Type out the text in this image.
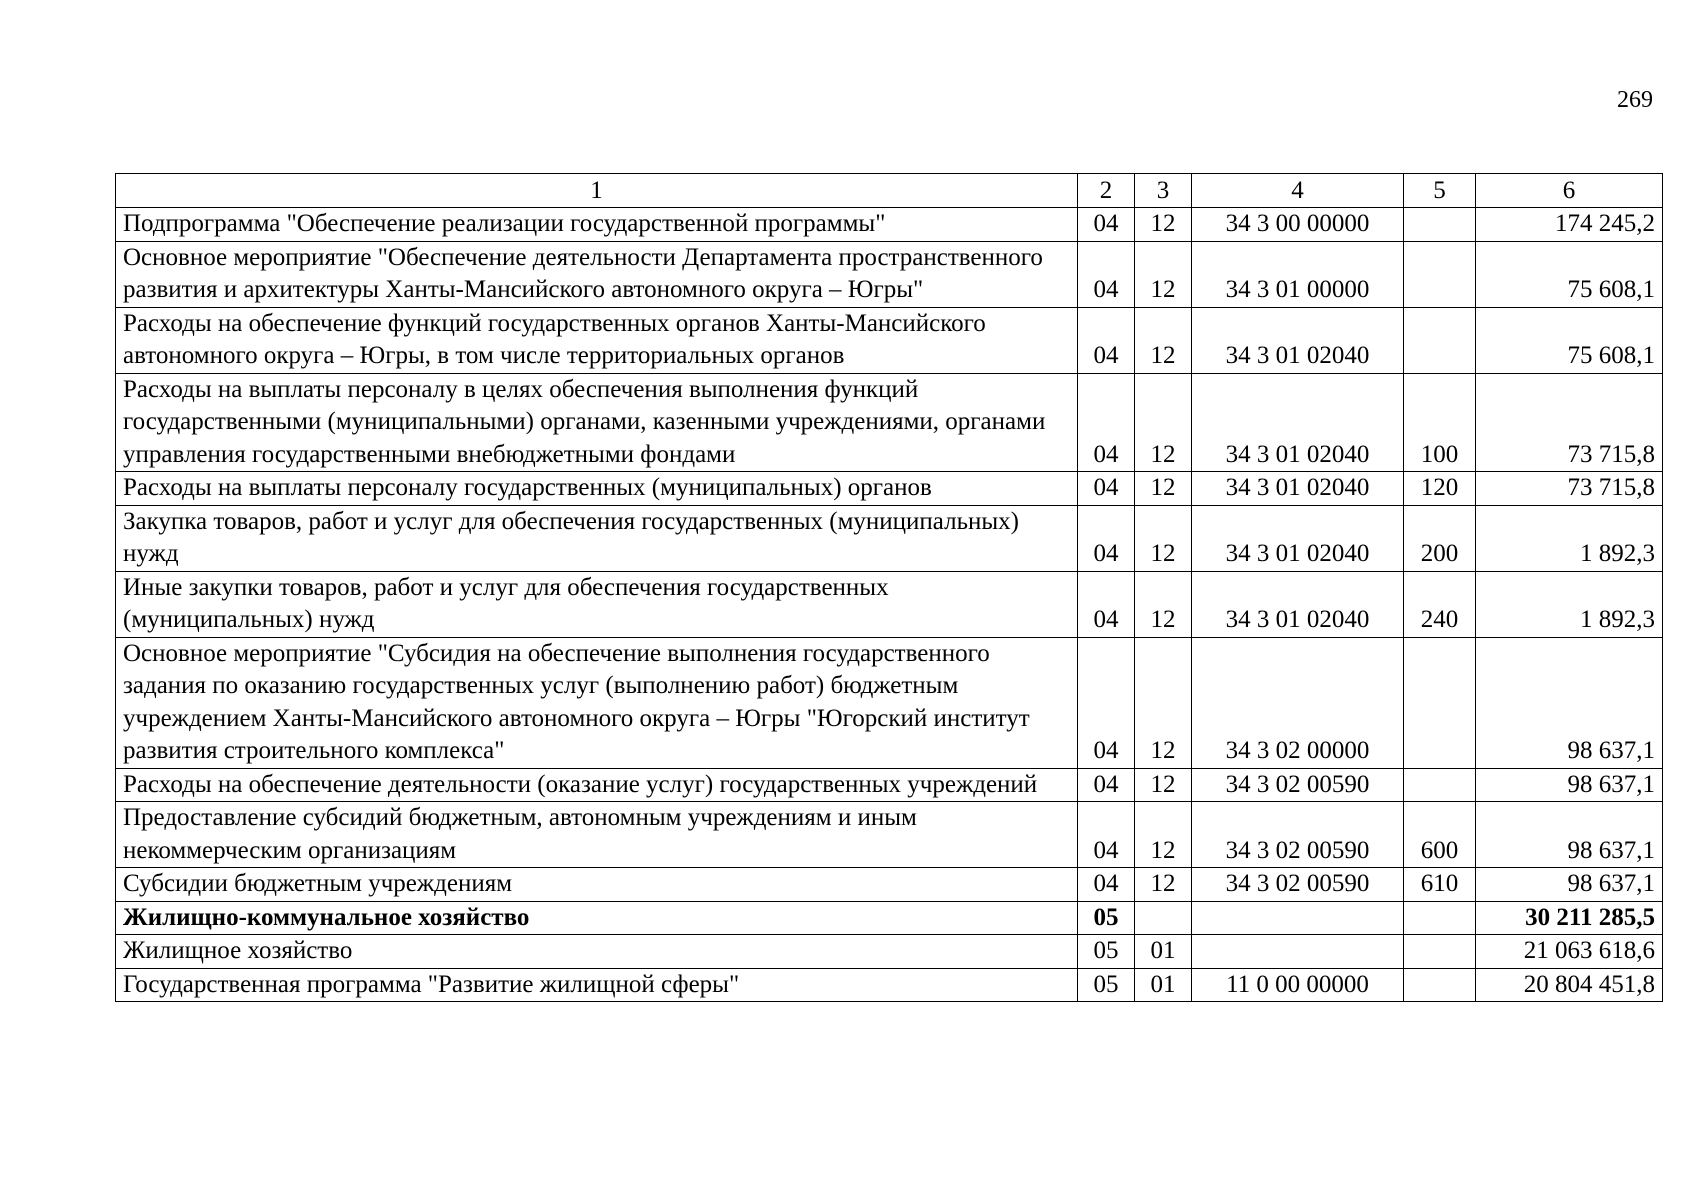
269
1	2	3	4	5	6
Подпрограмма "Обеспечение реализации государственной программы"	04	12	34 3 00 00000		174 245,2
Основное мероприятие "Обеспечение деятельности Департамента пространственного развития и архитектуры Ханты-Мансийского автономного округа – Югры"	04	12	34 3 01 00000		75 608,1
Расходы на обеспечение функций государственных органов Ханты-Мансийского автономного округа – Югры, в том числе территориальных органов	04	12	34 3 01 02040		75 608,1
Расходы на выплаты персоналу в целях обеспечения выполнения функций государственными (муниципальными) органами, казенными учреждениями, органами управления государственными внебюджетными фондами	04	12	34 3 01 02040	100	73 715,8
Расходы на выплаты персоналу государственных (муниципальных) органов	04	12	34 3 01 02040	120	73 715,8
Закупка товаров, работ и услуг для обеспечения государственных (муниципальных) нужд	04	12	34 3 01 02040	200	1 892,3
Иные закупки товаров, работ и услуг для обеспечения государственных (муниципальных) нужд	04	12	34 3 01 02040	240	1 892,3
Основное мероприятие "Субсидия на обеспечение выполнения государственного задания по оказанию государственных услуг (выполнению работ) бюджетным учреждением Ханты-Мансийского автономного округа – Югры "Югорский институт развития строительного комплекса"	04	12	34 3 02 00000		98 637,1
Расходы на обеспечение деятельности (оказание услуг) государственных учреждений	04	12	34 3 02 00590		98 637,1
Предоставление субсидий бюджетным, автономным учреждениям и иным некоммерческим организациям	04	12	34 3 02 00590	600	98 637,1
Субсидии бюджетным учреждениям	04	12	34 3 02 00590	610	98 637,1
Жилищно-коммунальное хозяйство	05				30 211 285,5
Жилищное хозяйство	05	01			21 063 618,6
Государственная программа "Развитие жилищной сферы"	05	01	11 0 00 00000		20 804 451,8
